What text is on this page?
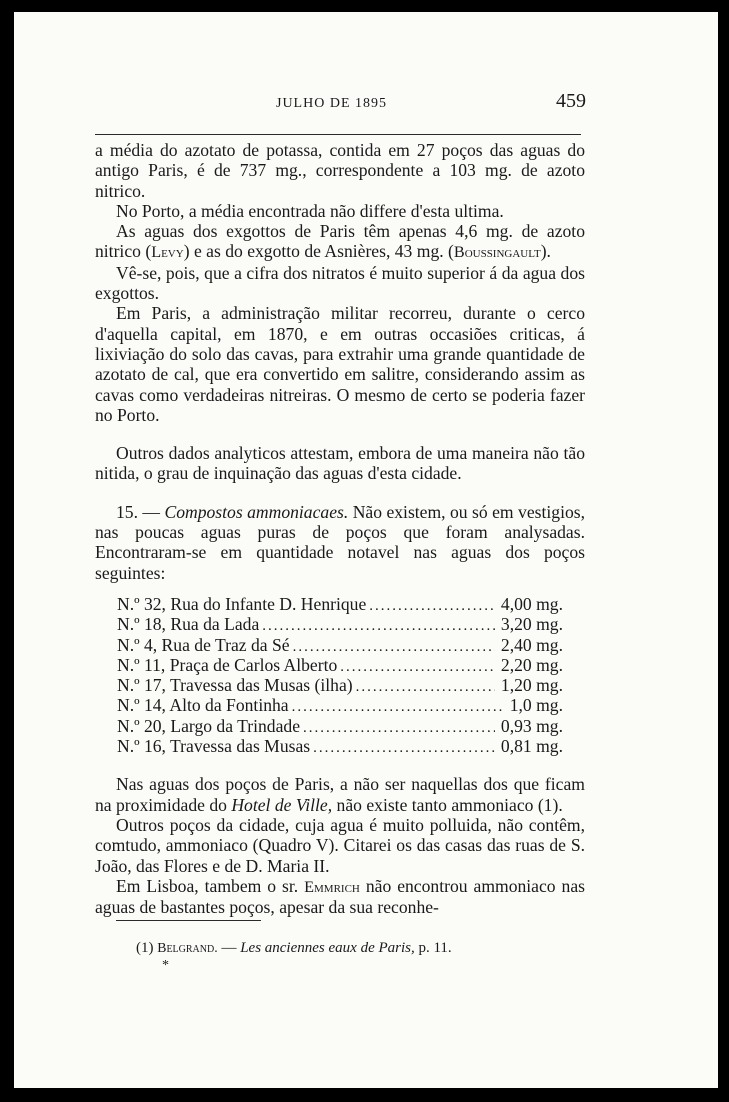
JULHO DE 1895	459

a média do azotato de potassa, contida em 27 poços das aguas do antigo Paris, é de 737 mg., correspondente a 103 mg. de azoto nitrico.

No Porto, a média encontrada não differe d'esta ultima.

As aguas dos exgottos de Paris têm apenas 4,6 mg. de azoto nitrico (Levy) e as do exgotto de Asnières, 43 mg. (Boussingault).

Vê-se, pois, que a cifra dos nitratos é muito superior á da agua dos exgottos.

Em Paris, a administração militar recorreu, durante o cerco d'aquella capital, em 1870, e em outras occasiões criticas, á lixiviação do solo das cavas, para extrahir uma grande quantidade de azotato de cal, que era convertido em salitre, considerando assim as cavas como verdadeiras nitreiras. O mesmo de certo se poderia fazer no Porto.

Outros dados analyticos attestam, embora de uma maneira não tão nitida, o grau de inquinação das aguas d'esta cidade.

15. — Compostos ammoniacaes. Não existem, ou só em vestigios, nas poucas aguas puras de poços que foram analysadas. Encontraram-se em quantidade notavel nas aguas dos poços seguintes:

N.º 32, Rua do Infante D. Henrique .....	4,00 mg.
N.º 18, Rua da Lada .....	3,20 mg.
N.º 4, Rua de Traz da Sé .....	2,40 mg.
N.º 11, Praça de Carlos Alberto .....	2,20 mg.
N.º 17, Travessa das Musas (ilha) .....	1,20 mg.
N.º 14, Alto da Fontinha .....	1,0 mg.
N.º 20, Largo da Trindade .....	0,93 mg.
N.º 16, Travessa das Musas .....	0,81 mg.

Nas aguas dos poços de Paris, a não ser naquellas dos que ficam na proximidade do Hotel de Ville, não existe tanto ammoniaco (1).

Outros poços da cidade, cuja agua é muito polluida, não contêm, comtudo, ammoniaco (Quadro V). Citarei os das casas das ruas de S. João, das Flores e de D. Maria II.

Em Lisboa, tambem o sr. Emmrich não encontrou ammoniaco nas aguas de bastantes poços, apesar da sua reconhe-

(1) Belgrand. — Les anciennes eaux de Paris, p. 11.
*
